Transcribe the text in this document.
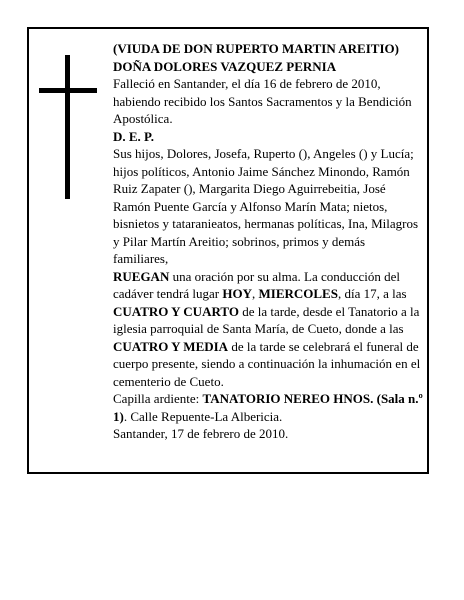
(VIUDA DE DON RUPERTO MARTIN AREITIO)

DOÑA DOLORES VAZQUEZ PERNIA

Falleció en Santander, el día 16 de febrero de 2010, habiendo recibido los Santos Sacramentos y la Bendición Apostólica.

D. E. P.

Sus hijos, Dolores, Josefa, Ruperto (), Angeles () y Lucía; hijos políticos, Antonio Jaime Sánchez Minondo, Ramón Ruiz Zapater (), Margarita Diego Aguirrebeitia, José Ramón Puente García y Alfonso Marín Mata; nietos, bisnietos y tataranieatos, hermanas políticas, Ina, Milagros y Pilar Martín Areitio; sobrinos, primos y demás familiares,

RUEGAN una oración por su alma. La conducción del cadáver tendrá lugar HOY, MIERCOLES, día 17, a las CUATRO Y CUARTO de la tarde, desde el Tanatorio a la iglesia parroquial de Santa María, de Cueto, donde a las CUATRO Y MEDIA de la tarde se celebrará el funeral de cuerpo presente, siendo a continuación la inhumación en el cementerio de Cueto.

Capilla ardiente: TANATORIO NEREO HNOS. (Sala n.º 1). Calle Repuente-La Albericia.

Santander, 17 de febrero de 2010.
